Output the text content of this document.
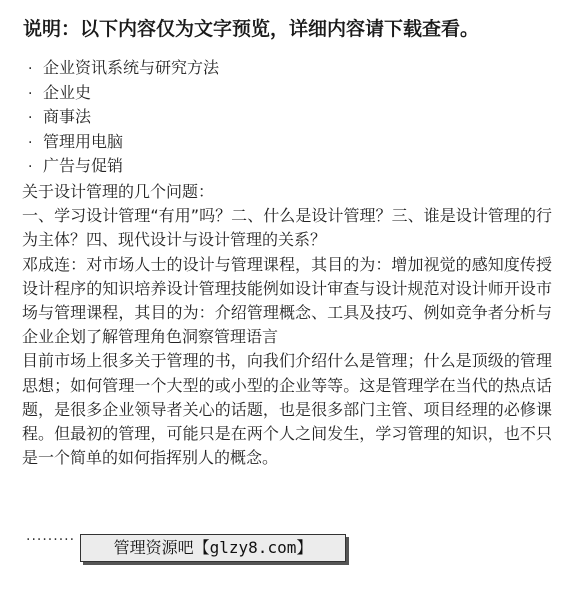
说明：以下内容仅为文字预览，详细内容请下载查看。
· 企业资讯系统与研究方法
· 企业史
· 商事法
· 管理用电脑
· 广告与促销

关于设计管理的几个问题：

一、学习设计管理“有用”吗？二、什么是设计管理？三、谁是设计管理的行为主体？四、现代设计与设计管理的关系？

邓成连：对市场人士的设计与管理课程，其目的为：增加视觉的感知度传授设计程序的知识培养设计管理技能例如设计审查与设计规范对设计师开设市场与管理课程，其目的为：介绍管理概念、工具及技巧、例如竞争者分析与企业企划了解管理角色洞察管理语言

目前市场上很多关于管理的书，向我们介绍什么是管理；什么是顶级的管理思想；如何管理一个大型的或小型的企业等等。这是管理学在当代的热点话题，是很多企业领导者关心的话题，也是很多部门主管、项目经理的必修课程。但最初的管理，可能只是在两个人之间发生，学习管理的知识，也不只是一个简单的如何指挥别人的概念。

·········	管理资源吧【glzy8.com】
